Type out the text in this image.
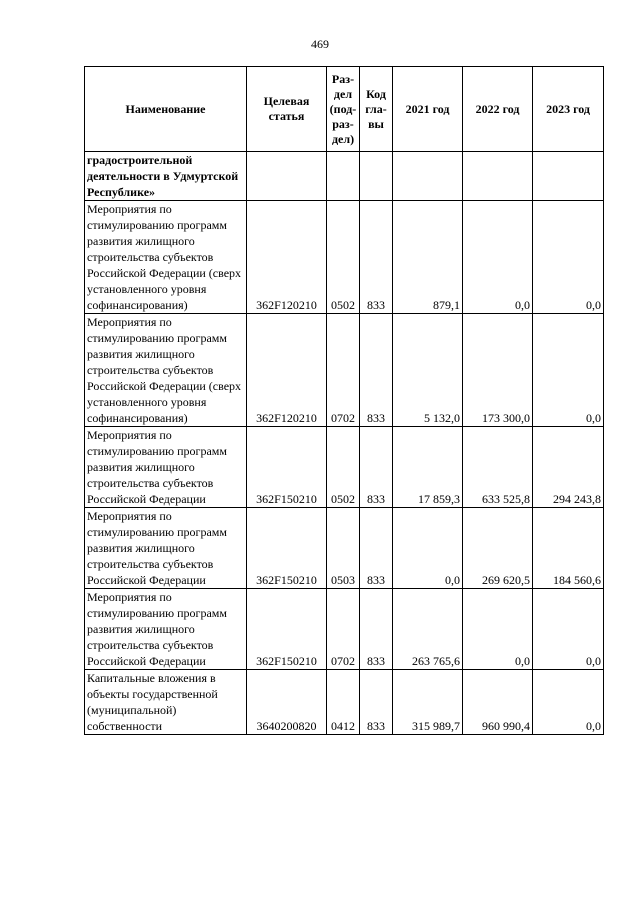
469
Наименование	Целевая статья	Раз- дел (под- раз- дел)	Код гла- вы	2021 год	2022 год	2023 год
градостроительной деятельности в Удмуртской Республике»						
Мероприятия по стимулированию программ развития жилищного строительства субъектов Российской Федерации (сверх установленного уровня софинансирования)	362F120210	0502	833	879,1	0,0	0,0
Мероприятия по стимулированию программ развития жилищного строительства субъектов Российской Федерации (сверх установленного уровня софинансирования)	362F120210	0702	833	5 132,0	173 300,0	0,0
Мероприятия по стимулированию программ развития жилищного строительства субъектов Российской Федерации	362F150210	0502	833	17 859,3	633 525,8	294 243,8
Мероприятия по стимулированию программ развития жилищного строительства субъектов Российской Федерации	362F150210	0503	833	0,0	269 620,5	184 560,6
Мероприятия по стимулированию программ развития жилищного строительства субъектов Российской Федерации	362F150210	0702	833	263 765,6	0,0	0,0
Капитальные вложения в объекты государственной (муниципальной) собственности	3640200820	0412	833	315 989,7	960 990,4	0,0
